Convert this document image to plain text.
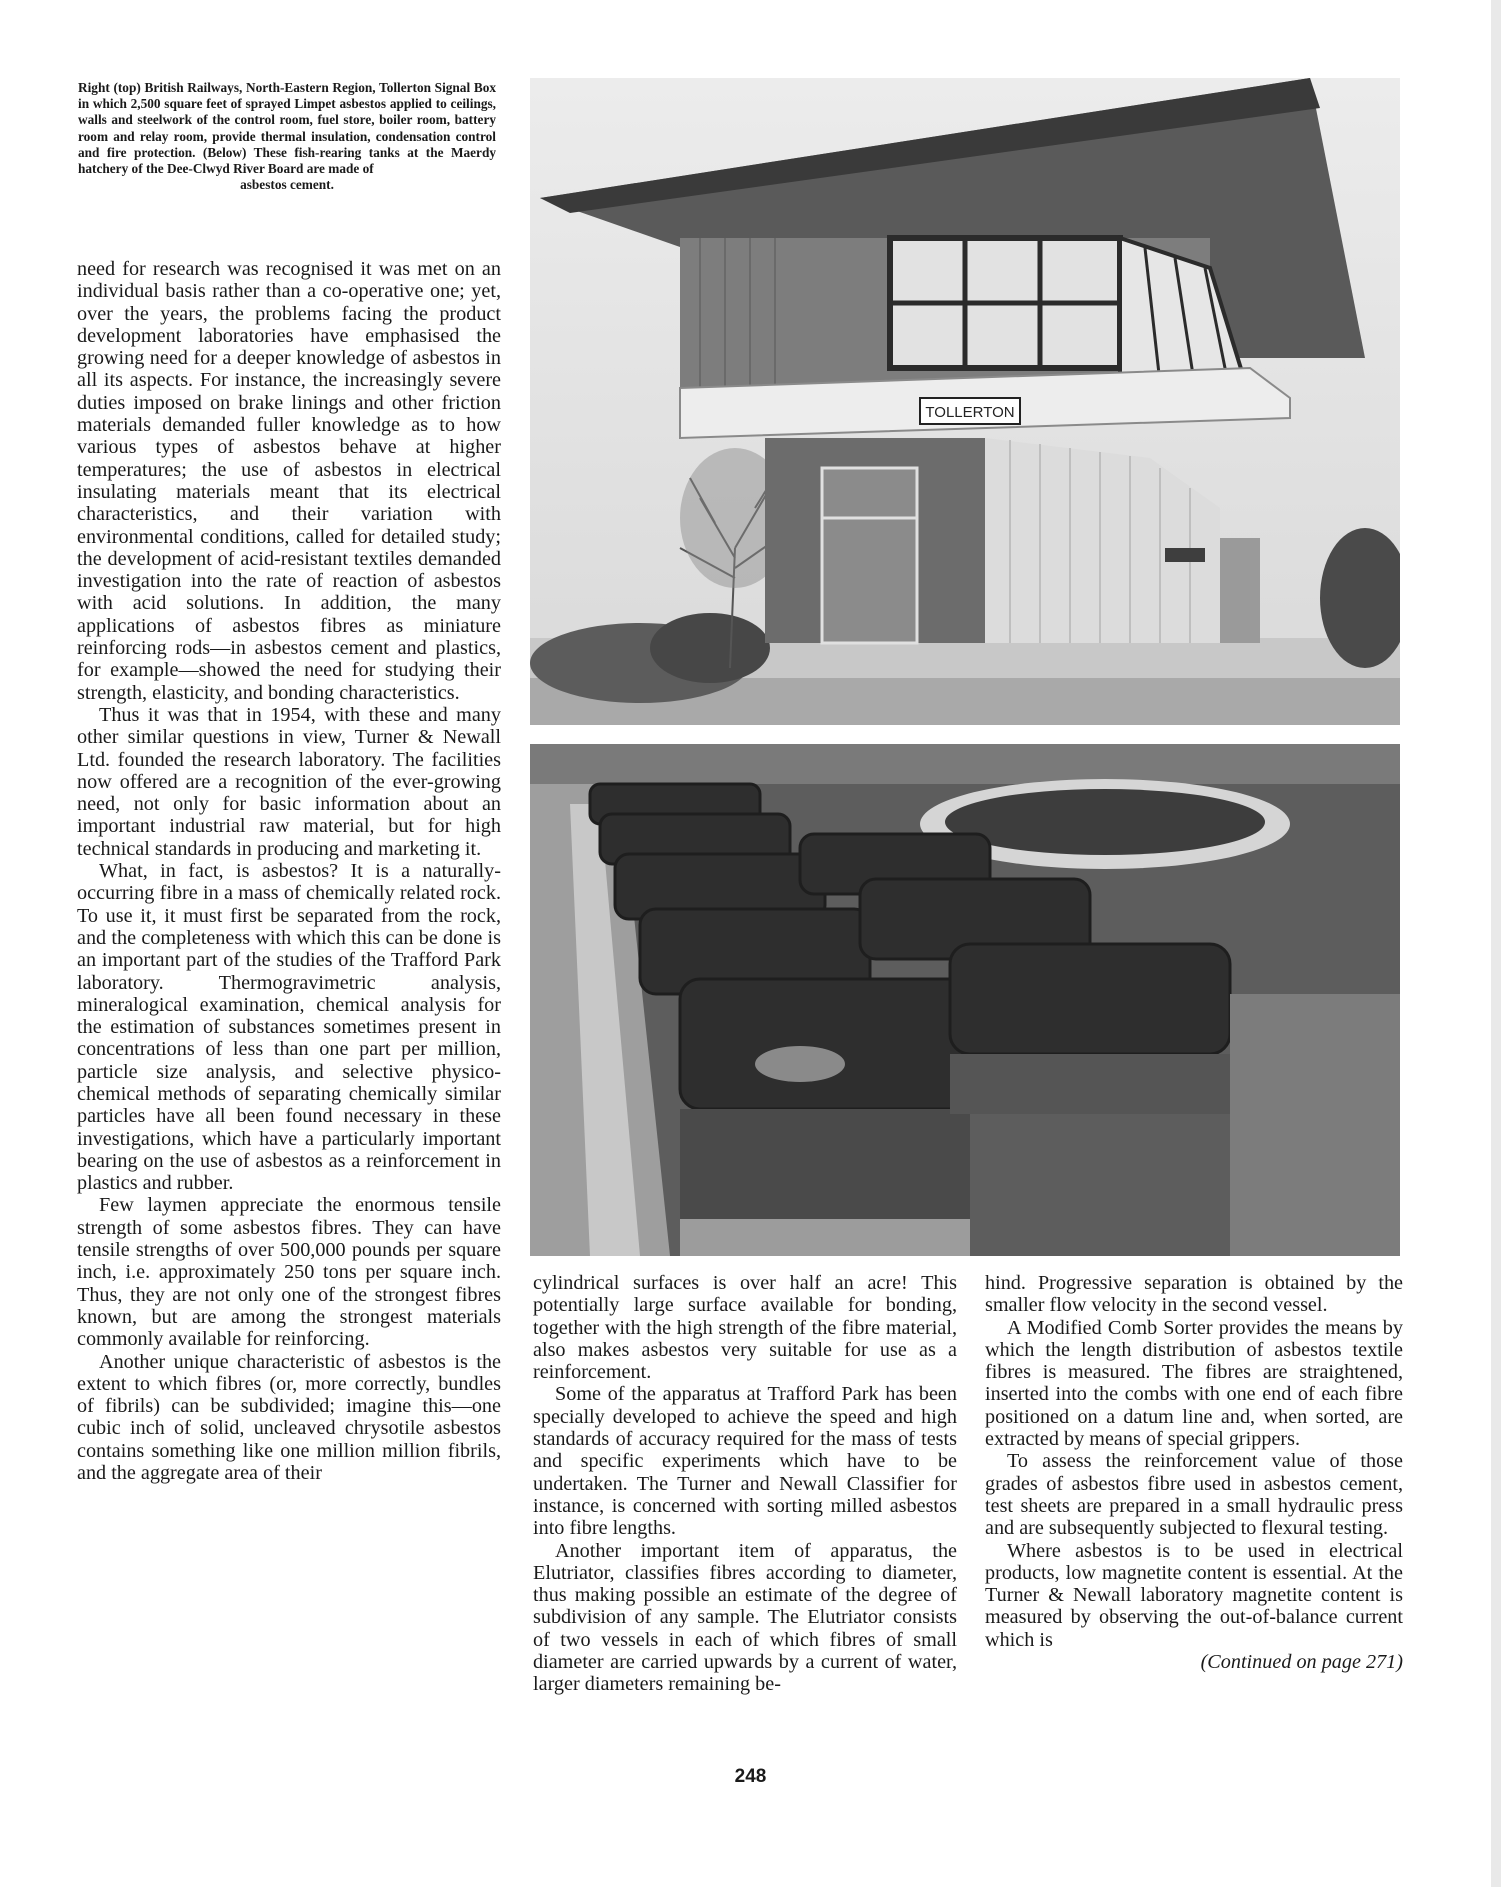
Right (top) British Railways, North-Eastern Region, Tollerton Signal Box in which 2,500 square feet of sprayed Limpet asbestos applied to ceilings, walls and steelwork of the control room, fuel store, boiler room, battery room and relay room, provide thermal insulation, condensation control and fire protection. (Below) These fish-rearing tanks at the Maerdy hatchery of the Dee-Clwyd River Board are made of

asbestos cement.

TOLLERTON

need for research was recognised it was met on an individual basis rather than a co-operative one; yet, over the years, the problems facing the product development laboratories have emphasised the growing need for a deeper knowledge of asbestos in all its aspects. For instance, the increasingly severe duties imposed on brake linings and other friction materials demanded fuller knowledge as to how various types of asbestos behave at higher temperatures; the use of asbestos in electrical insulating materials meant that its electrical characteristics, and their variation with environmental conditions, called for detailed study; the development of acid-resistant textiles demanded investigation into the rate of reaction of asbestos with acid solutions. In addition, the many applications of asbestos fibres as miniature reinforcing rods—in asbestos cement and plastics, for example—showed the need for studying their strength, elasticity, and bonding characteristics.

Thus it was that in 1954, with these and many other similar questions in view, Turner & Newall Ltd. founded the research laboratory. The facilities now offered are a recognition of the ever-growing need, not only for basic information about an important industrial raw material, but for high technical standards in producing and marketing it.

What, in fact, is asbestos? It is a naturally-occurring fibre in a mass of chemically related rock. To use it, it must first be separated from the rock, and the completeness with which this can be done is an important part of the studies of the Trafford Park laboratory. Thermogravimetric analysis, mineralogical examination, chemical analysis for the estimation of substances sometimes present in concentrations of less than one part per million, particle size analysis, and selective physico-chemical methods of separating chemically similar particles have all been found necessary in these investigations, which have a particularly important bearing on the use of asbestos as a reinforcement in plastics and rubber.

Few laymen appreciate the enormous tensile strength of some asbestos fibres. They can have tensile strengths of over 500,000 pounds per square inch, i.e. approximately 250 tons per square inch. Thus, they are not only one of the strongest fibres known, but are among the strongest materials commonly available for reinforcing.

Another unique characteristic of asbestos is the extent to which fibres (or, more correctly, bundles of fibrils) can be subdivided; imagine this—one cubic inch of solid, uncleaved chrysotile asbestos contains something like one million million fibrils, and the aggregate area of their

cylindrical surfaces is over half an acre! This potentially large surface available for bonding, together with the high strength of the fibre material, also makes asbestos very suitable for use as a reinforcement.

Some of the apparatus at Trafford Park has been specially developed to achieve the speed and high standards of accuracy required for the mass of tests and specific experiments which have to be undertaken. The Turner and Newall Classifier for instance, is concerned with sorting milled asbestos into fibre lengths.

Another important item of apparatus, the Elutriator, classifies fibres according to diameter, thus making possible an estimate of the degree of subdivision of any sample. The Elutriator consists of two vessels in each of which fibres of small diameter are carried upwards by a current of water, larger diameters remaining be-

hind. Progressive separation is obtained by the smaller flow velocity in the second vessel.

A Modified Comb Sorter provides the means by which the length distribution of asbestos textile fibres is measured. The fibres are straightened, inserted into the combs with one end of each fibre positioned on a datum line and, when sorted, are extracted by means of special grippers.

To assess the reinforcement value of those grades of asbestos fibre used in asbestos cement, test sheets are prepared in a small hydraulic press and are subsequently subjected to flexural testing.

Where asbestos is to be used in electrical products, low magnetite content is essential. At the Turner & Newall laboratory magnetite content is measured by observing the out-of-balance current which is

(Continued on page 271)

248
